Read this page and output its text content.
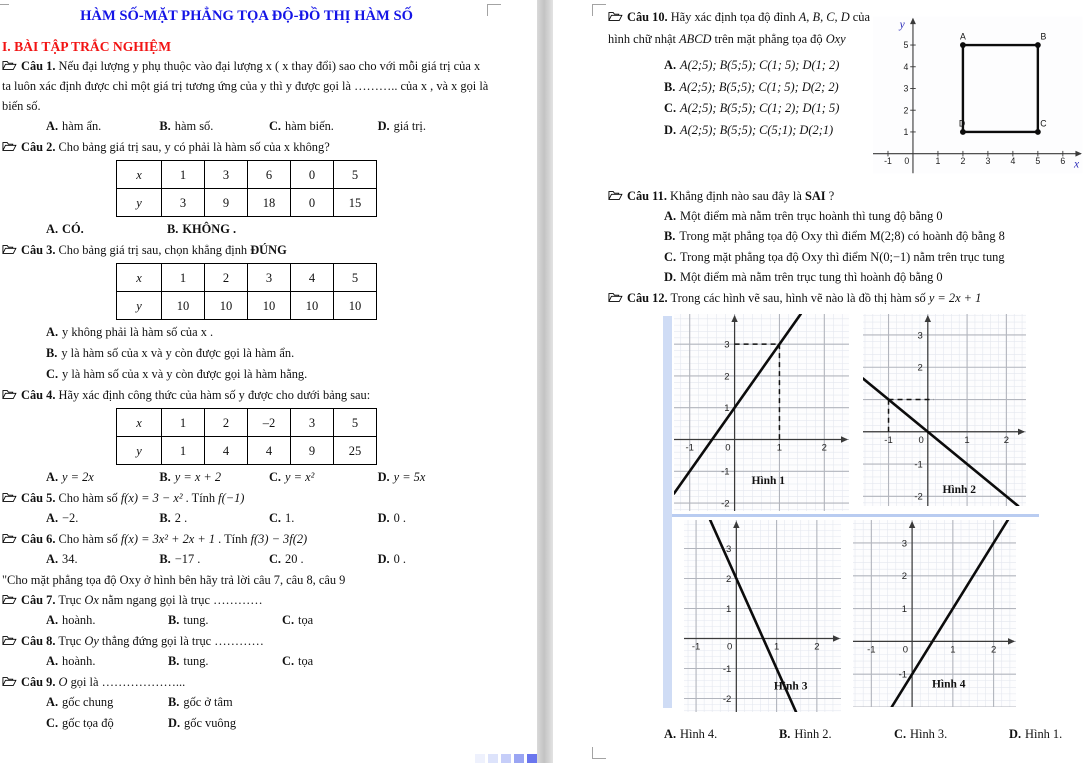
HÀM SỐ-MẶT PHẲNG TỌA ĐỘ-ĐỒ THỊ HÀM SỐ
I. BÀI TẬP TRẮC NGHIỆM
Câu 1. Nếu đại lượng y phụ thuộc vào đại lượng x ( x thay đổi) sao cho với mỗi giá trị của x ta luôn xác định được chỉ một giá trị tương ứng của y thì y được gọi là ……….. của x , và x gọi là biến số.
A. hàm ẩn.	B. hàm số.	C. hàm biến.	D. giá trị.
Câu 2. Cho bảng giá trị sau, y có phải là hàm số của x không?
x	1	3	6	0	5
y	3	9	18	0	15
A. CÓ.	B. KHÔNG .
Câu 3. Cho bảng giá trị sau, chọn khẳng định ĐÚNG
x	1	2	3	4	5
y	10	10	10	10	10
A. y không phải là hàm số của x .
B. y là hàm số của x và y còn được gọi là hàm ẩn.
C. y là hàm số của x và y còn được gọi là hàm hằng.
Câu 4. Hãy xác định công thức của hàm số y được cho dưới bảng sau:
x	1	2	–2	3	5
y	1	4	4	9	25
A. y = 2x	B. y = x + 2	C. y = x²	D. y = 5x
Câu 5. Cho hàm số f(x) = 3 − x² . Tính f(−1)
A. −2.	B. 2 .	C. 1.	D. 0 .
Câu 6. Cho hàm số f(x) = 3x² + 2x + 1 . Tính f(3) − 3f(2)
A. 34.	B. −17 .	C. 20 .	D. 0 .
"Cho mặt phẳng tọa độ Oxy ở hình bên hãy trả lời câu 7, câu 8, câu 9
Câu 7. Trục Ox nằm ngang gọi là trục …………
A. hoành.	B. tung.	C. tọa
Câu 8. Trục Oy thẳng đứng gọi là trục …………
A. hoành.	B. tung.	C. tọa
Câu 9. O gọi là ………………...
A. gốc chung	B. gốc ở tâm
C. gốc tọa độ	D. gốc vuông
Câu 10. Hãy xác định tọa độ đỉnh A, B, C, D của hình chữ nhật ABCD trên mặt phẳng tọa độ Oxy
A. A(2;5); B(5;5); C(1; 5); D(1; 2)
B. A(2;5); B(5;5); C(1; 5); D(2; 2)
C. A(2;5); B(5;5); C(1; 2); D(1; 5)
D. A(2;5); B(5;5); C(5;1); D(2;1)
-1 0	1 2 3 4 5 6
1
2
3
4
5
A	B
C
D
x
y
Câu 11. Khẳng định nào sau đây là SAI ?
A. Một điểm mà nằm trên trục hoành thì tung độ bằng 0
B. Trong mặt phẳng tọa độ Oxy thì điểm M(2;8) có hoành độ bằng 8
C. Trong mặt phẳng tọa độ Oxy thì điểm N(0;−1) nằm trên trục tung
D. Một điểm mà nằm trên trục tung thì hoành độ bằng 0
Câu 12. Trong các hình vẽ sau, hình vẽ nào là đồ thị hàm số y = 2x + 1
-1	0	1	2
-2
-1
1
2
3
Hình 1
-1	0	1	2
-2
-1
2
3
Hình 2
-1	0	1	2
-2
-1
1
2
3
Hình 3
-1	0	1	2
-1
1
2
3
Hình 4
A. Hình 4.	B. Hình 2.	C. Hình 3.	D. Hình 1.
